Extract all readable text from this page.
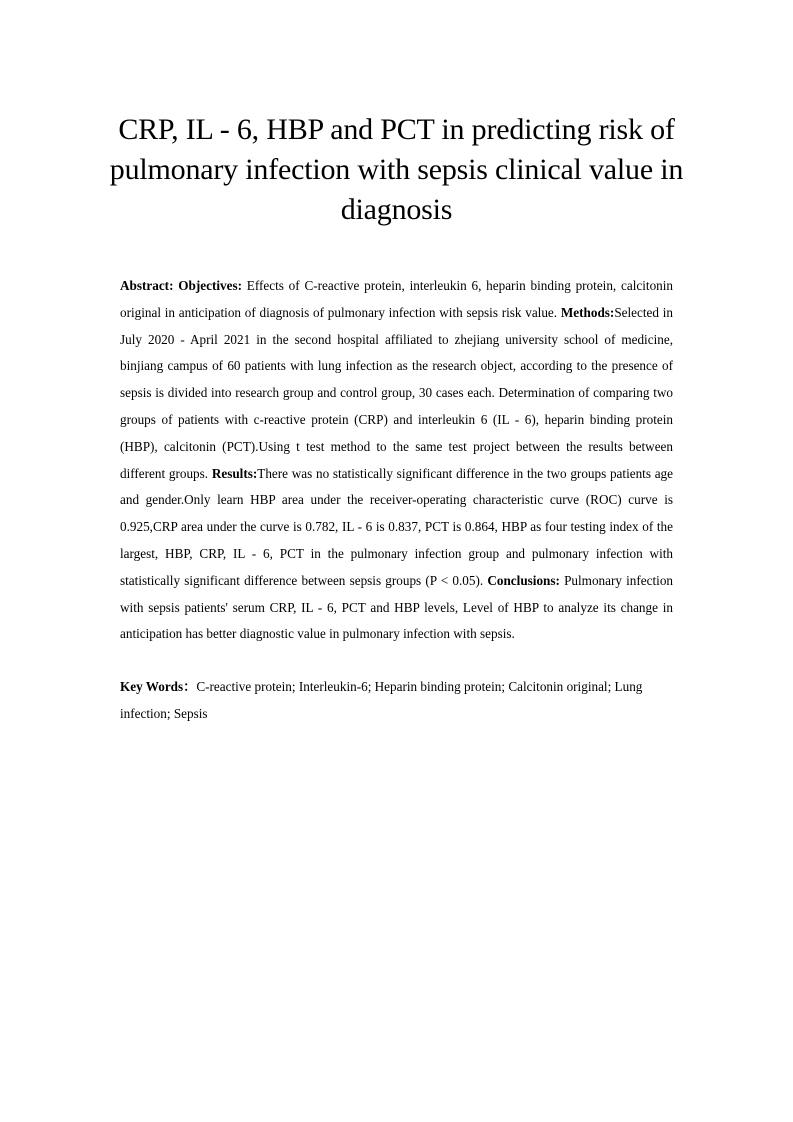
CRP, IL - 6, HBP and PCT in predicting risk of pulmonary infection with sepsis clinical value in diagnosis

Abstract: Objectives: Effects of C-reactive protein, interleukin 6, heparin binding protein, calcitonin original in anticipation of diagnosis of pulmonary infection with sepsis risk value. Methods:Selected in July 2020 - April 2021 in the second hospital affiliated to zhejiang university school of medicine, binjiang campus of 60 patients with lung infection as the research object, according to the presence of sepsis is divided into research group and control group, 30 cases each. Determination of comparing two groups of patients with c-reactive protein (CRP) and interleukin 6 (IL - 6), heparin binding protein (HBP), calcitonin (PCT).Using t test method to the same test project between the results between different groups. Results:There was no statistically significant difference in the two groups patients age and gender.Only learn HBP area under the receiver-operating characteristic curve (ROC) curve is 0.925,CRP area under the curve is 0.782, IL - 6 is 0.837, PCT is 0.864, HBP as four testing index of the largest, HBP, CRP, IL - 6, PCT in the pulmonary infection group and pulmonary infection with statistically significant difference between sepsis groups (P < 0.05). Conclusions: Pulmonary infection with sepsis patients' serum CRP, IL - 6, PCT and HBP levels, Level of HBP to analyze its change in anticipation has better diagnostic value in pulmonary infection with sepsis.

Key Words：C-reactive protein; Interleukin-6; Heparin binding protein; Calcitonin original; Lung infection; Sepsis
